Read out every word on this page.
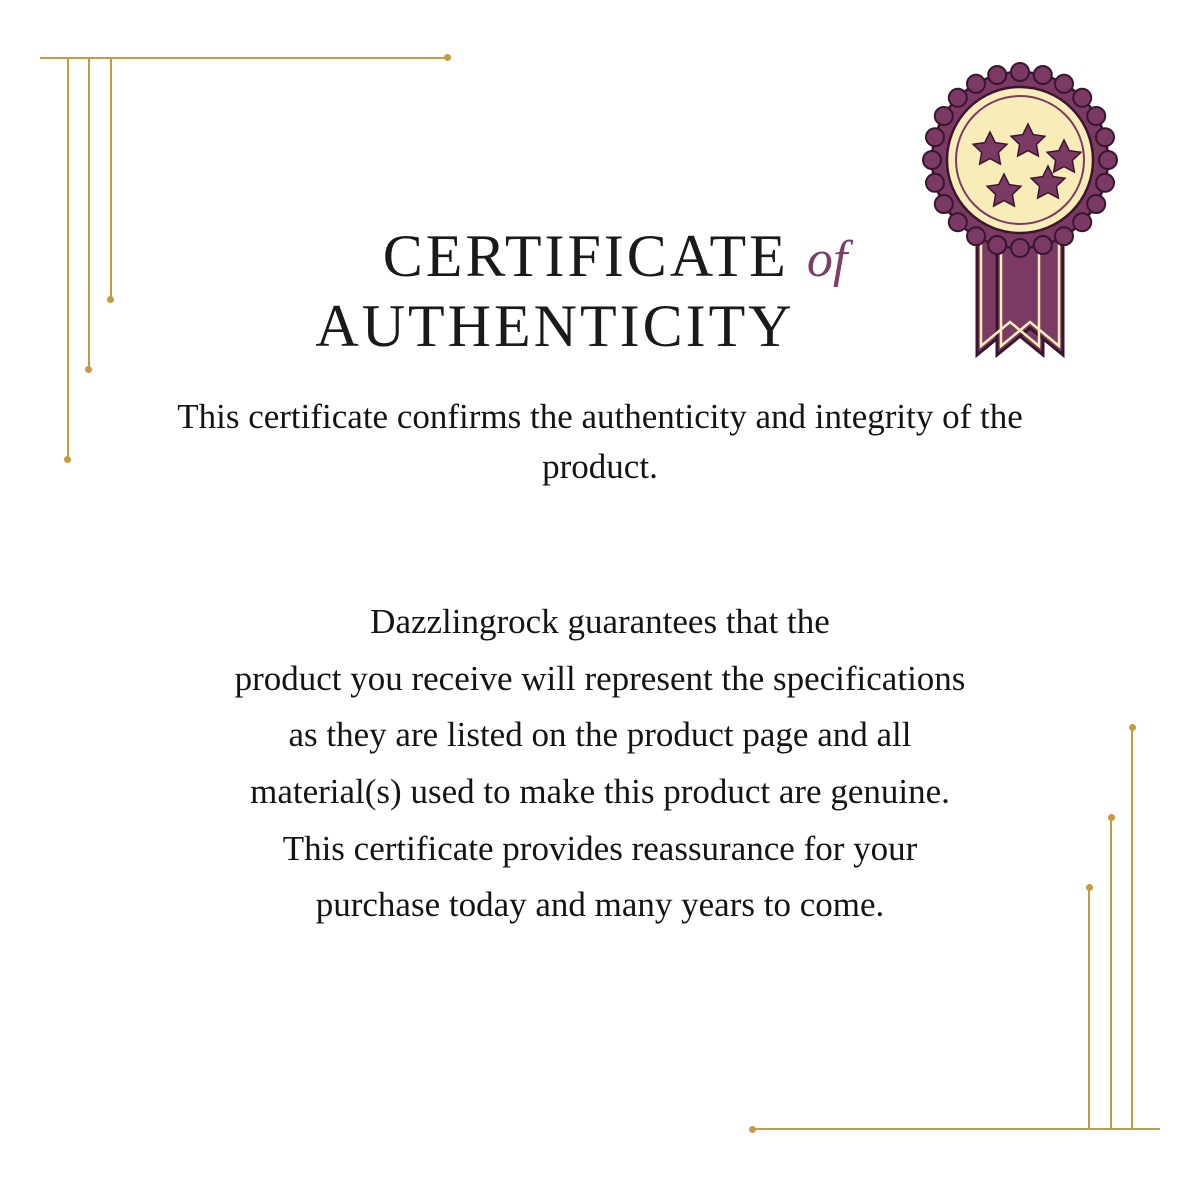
CERTIFICATE of
AUTHENTICITY
This certificate confirms the authenticity and integrity of the product.

Dazzlingrock guarantees that the

product you receive will represent the specifications

as they are listed on the product page and all

material(s) used to make this product are genuine.

This certificate provides reassurance for your

purchase today and many years to come.
